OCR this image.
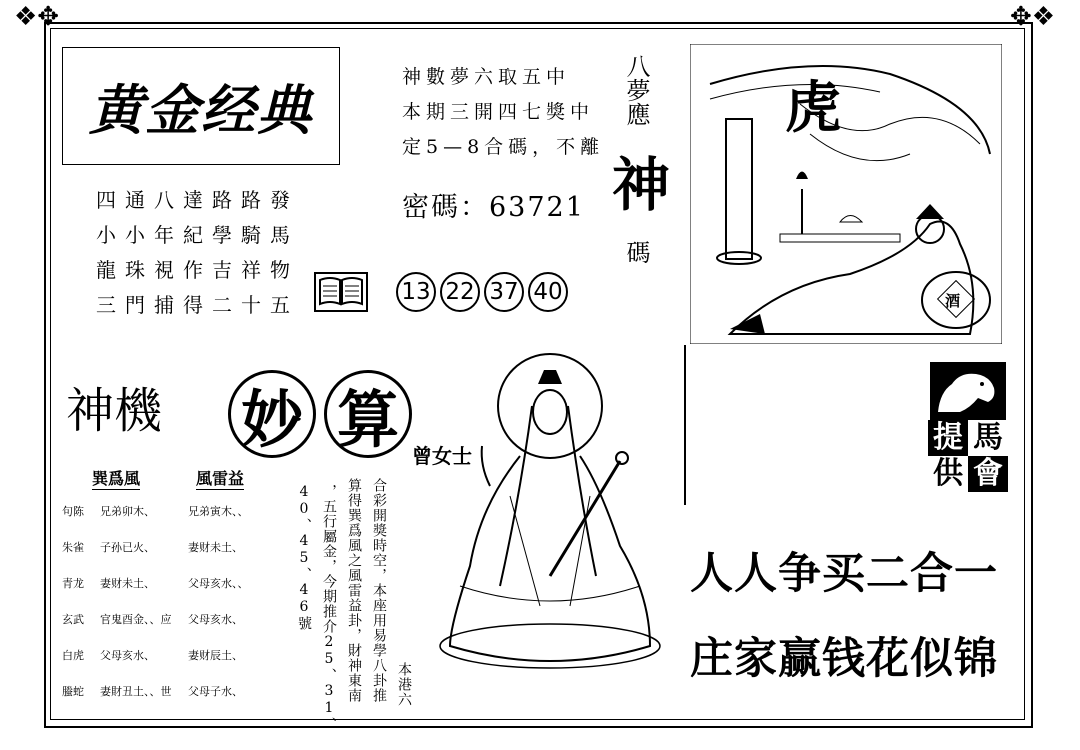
❖✥	✥❖
黄金经典
四通八達路路發
小小年紀學騎馬
龍珠視作吉祥物
三門捕得二十五
神數夢六取五中
本期三開四七獎中
定5—8合碼，不離
密碼：63721
13 22 37 40
八夢應 神 碼
虎
酒
提 馬
供 會
人人争买二合一
庄家赢钱花似锦
神機 妙 算
曾女士
巽爲風	風雷益
句陈 兄弟卯木、	兄弟寅木、、
朱雀 子孙已火、	妻财未土、
青龙 妻财未土、	父母亥水、、
玄武 官鬼酉金、、应 父母亥水、
白虎 父母亥水、	妻财辰土、
螣蛇 妻財丑土、、世 父母子水、	本港六
合彩開獎時空，本座用易學八卦推
算得巽爲風之風雷益卦，財神東南
，五行屬金，今期推介25、31、
40、45、46號
